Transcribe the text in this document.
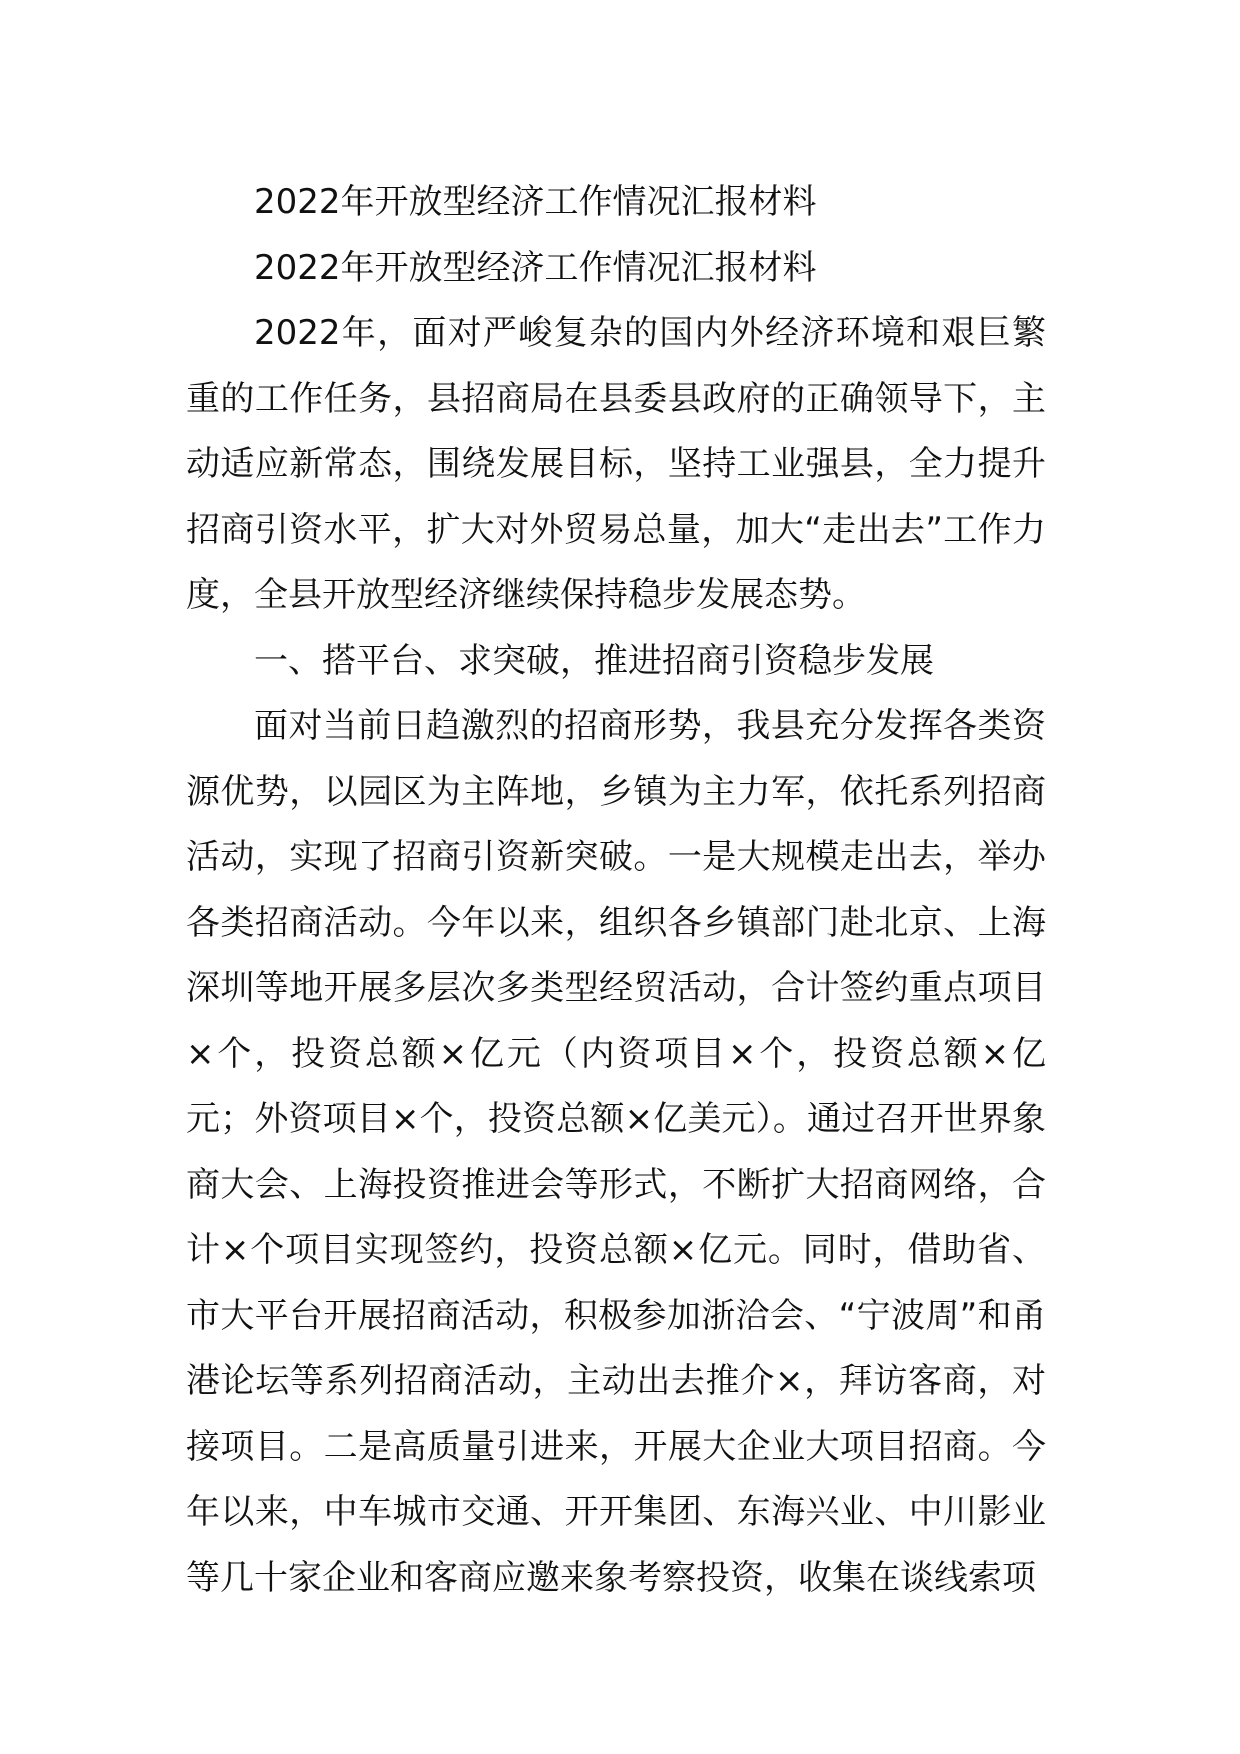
2022年开放型经济工作情况汇报材料

2022年开放型经济工作情况汇报材料

2022年，面对严峻复杂的国内外经济环境和艰巨繁重的工作任务，县招商局在县委县政府的正确领导下，主动适应新常态，围绕发展目标，坚持工业强县，全力提升招商引资水平，扩大对外贸易总量，加大“走出去”工作力度，全县开放型经济继续保持稳步发展态势。

一、搭平台、求突破，推进招商引资稳步发展

面对当前日趋激烈的招商形势，我县充分发挥各类资源优势，以园区为主阵地，乡镇为主力军，依托系列招商活动，实现了招商引资新突破。一是大规模走出去，举办各类招商活动。今年以来，组织各乡镇部门赴北京、上海深圳等地开展多层次多类型经贸活动，合计签约重点项目×个，投资总额×亿元（内资项目×个，投资总额×亿元；外资项目×个，投资总额×亿美元）。通过召开世界象商大会、上海投资推进会等形式，不断扩大招商网络，合计×个项目实现签约，投资总额×亿元。同时，借助省、市大平台开展招商活动，积极参加浙洽会、“宁波周”和甬港论坛等系列招商活动，主动出去推介×，拜访客商，对接项目。二是高质量引进来，开展大企业大项目招商。今年以来，中车城市交通、开开集团、东海兴业、中川影业等几十家企业和客商应邀来象考察投资，收集在谈线索项
